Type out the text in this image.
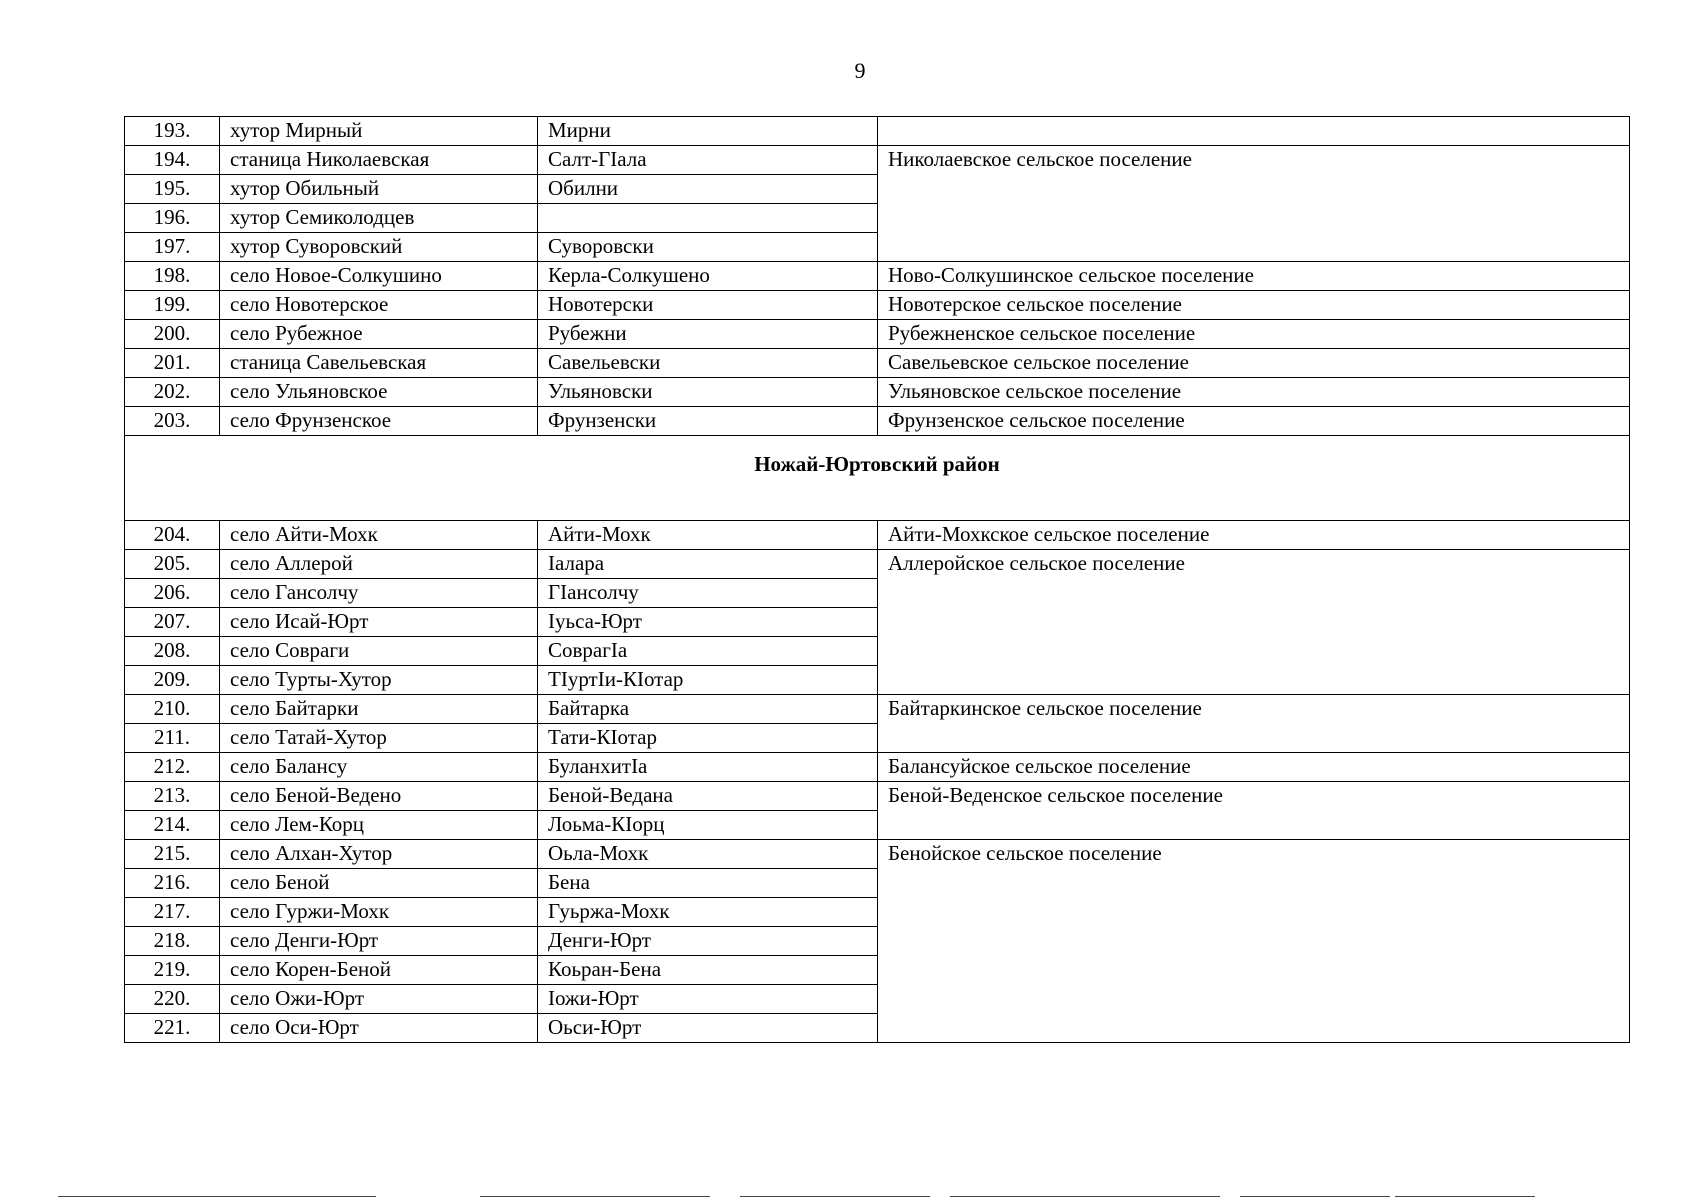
9
193.	хутор Мирный	Мирни	
194.	станица Николаевская	Салт-ГIала	Николаевское сельское поселение
195.	хутор Обильный	Обилни	
196.	хутор Семиколодцев		
197.	хутор Суворовский	Суворовски	
198.	село Новое-Солкушино	Керла-Солкушено	Ново-Солкушинское сельское поселение
199.	село Новотерское	Новотерски	Новотерское сельское поселение
200.	село Рубежное	Рубежни	Рубежненское сельское поселение
201.	станица Савельевская	Савельевски	Савельевское сельское поселение
202.	село Ульяновское	Ульяновски	Ульяновское сельское поселение
203.	село Фрунзенское	Фрунзенски	Фрунзенское сельское поселение
Ножай-Юртовский район			
204.	село Айти-Мохк	Айти-Мохк	Айти-Мохкское сельское поселение
205.	село Аллерой	Iалара	Аллеройское сельское поселение
206.	село Гансолчу	ГIансолчу	
207.	село Исай-Юрт	Iуьса-Юрт	
208.	село Совраги	СовpaгIa	
209.	село Турты-Хутор	ТIуртIи-КIотар	
210.	село Байтарки	Байтарка	Байтаркинское сельское поселение
211.	село Татай-Хутор	Тати-КIотар	
212.	село Балансу	БуланхитIа	Балансуйское сельское поселение
213.	село Беной-Ведено	Беной-Ведана	Беной-Веденское сельское поселение
214.	село Лем-Корц	Лоьма-КIорц	
215.	село Алхан-Хутор	Оьла-Мохк	Бенойское сельское поселение
216.	село Беной	Бена	
217.	село Гуржи-Мохк	Гуьржа-Мохк	
218.	село Денги-Юрт	Денги-Юрт	
219.	село Корен-Беной	Коьран-Бена	
220.	село Ожи-Юрт	Iожи-Юрт	
221.	село Оси-Юрт	Оьси-Юрт	
